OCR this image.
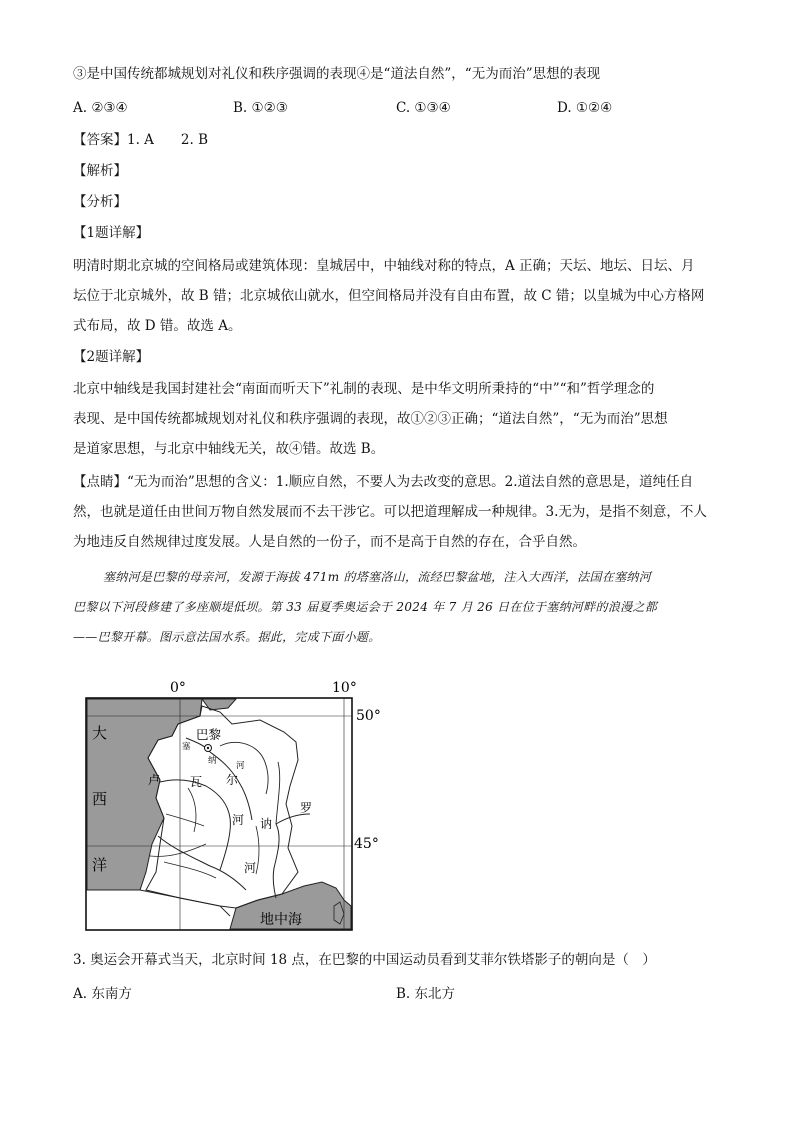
③是中国传统都城规划对礼仪和秩序强调的表现④是“道法自然”，“无为而治”思想的表现
A. ②③④	B. ①②③	C. ①③④	D. ①②④
【答案】1. A　　2. B
【解析】
【分析】
【1题详解】
明清时期北京城的空间格局或建筑体现：皇城居中，中轴线对称的特点，A 正确；天坛、地坛、日坛、月
坛位于北京城外，故 B 错；北京城依山就水，但空间格局并没有自由布置，故 C 错；以皇城为中心方格网
式布局，故 D 错。故选 A。
【2题详解】
北京中轴线是我国封建社会“南面而听天下”礼制的表现、是中华文明所秉持的“中”“和”哲学理念的
表现、是中国传统都城规划对礼仪和秩序强调的表现，故①②③正确；“道法自然”，“无为而治”思想
是道家思想，与北京中轴线无关，故④错。故选 B。
【点睛】“无为而治”思想的含义：1.顺应自然，不要人为去改变的意思。2.道法自然的意思是，道纯任自
然，也就是道任由世间万物自然发展而不去干涉它。可以把道理解成一种规律。3.无为，是指不刻意，不人
为地违反自然规律过度发展。人是自然的一份子，而不是高于自然的存在，合乎自然。
塞纳河是巴黎的母亲河，发源于海拔 471m 的塔塞洛山，流经巴黎盆地，注入大西洋，法国在塞纳河
巴黎以下河段修建了多座顺堤低坝。第 33 届夏季奥运会于 2024 年 7 月 26 日在位于塞纳河畔的浪漫之都
——巴黎开幕。图示意法国水系。据此，完成下面小题。
0°	10°
50°
45°
大
西
洋
巴黎
塞
纳 河
卢 瓦 尔
河
罗
讷
河
地中海
3. 奥运会开幕式当天，北京时间 18 点，在巴黎的中国运动员看到艾菲尔铁塔影子的朝向是（　）
A. 东南方	B. 东北方
